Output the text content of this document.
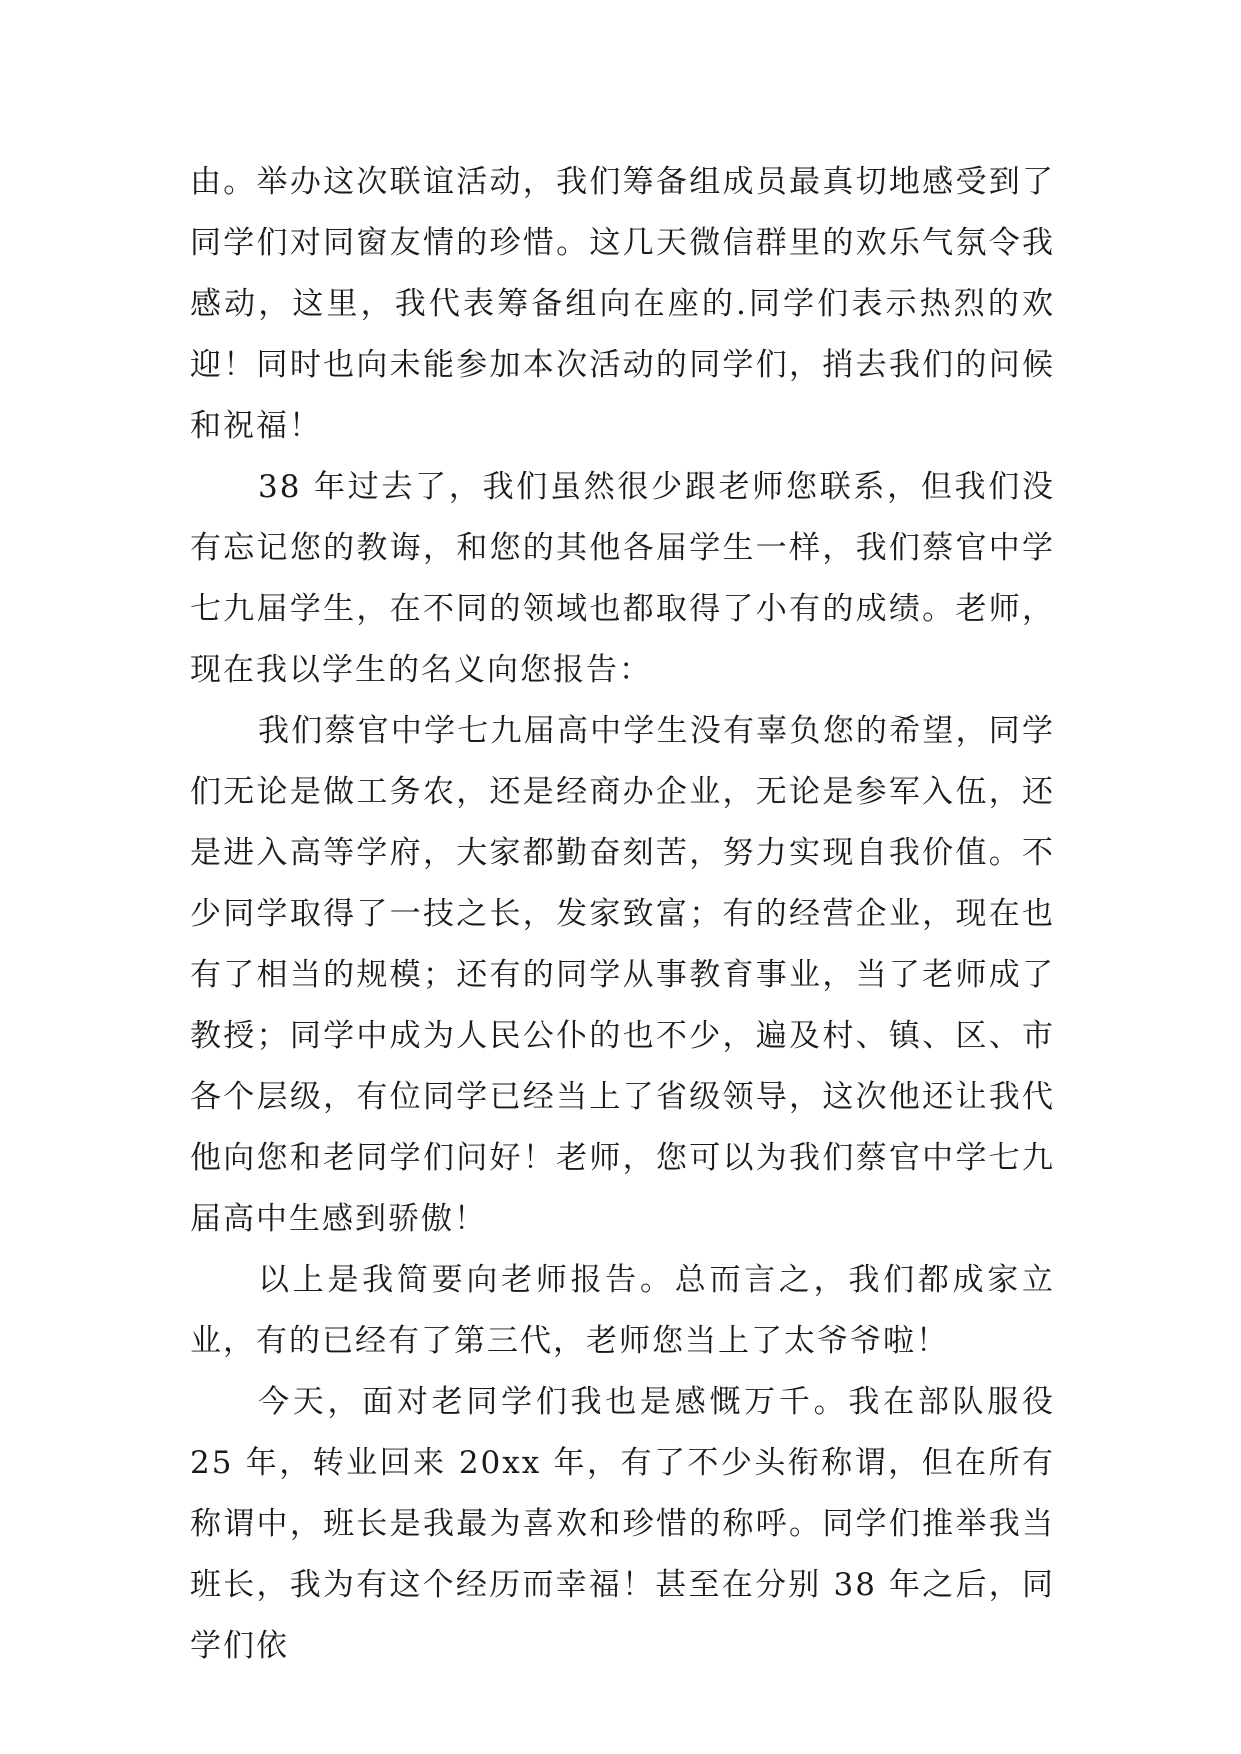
由。举办这次联谊活动，我们筹备组成员最真切地感受到了同学们对同窗友情的珍惜。这几天微信群里的欢乐气氛令我感动，这里，我代表筹备组向在座的.同学们表示热烈的欢迎！同时也向未能参加本次活动的同学们，捎去我们的问候和祝福！

38 年过去了，我们虽然很少跟老师您联系，但我们没有忘记您的教诲，和您的其他各届学生一样，我们蔡官中学七九届学生，在不同的领域也都取得了小有的成绩。老师，现在我以学生的名义向您报告：

我们蔡官中学七九届高中学生没有辜负您的希望，同学们无论是做工务农，还是经商办企业，无论是参军入伍，还是进入高等学府，大家都勤奋刻苦，努力实现自我价值。不少同学取得了一技之长，发家致富；有的经营企业，现在也有了相当的规模；还有的同学从事教育事业，当了老师成了教授；同学中成为人民公仆的也不少，遍及村、镇、区、市各个层级，有位同学已经当上了省级领导，这次他还让我代他向您和老同学们问好！老师，您可以为我们蔡官中学七九届高中生感到骄傲！

以上是我简要向老师报告。总而言之，我们都成家立业，有的已经有了第三代，老师您当上了太爷爷啦！

今天，面对老同学们我也是感慨万千。我在部队服役 25 年，转业回来 20xx 年，有了不少头衔称谓，但在所有称谓中，班长是我最为喜欢和珍惜的称呼。同学们推举我当班长，我为有这个经历而幸福！甚至在分别 38 年之后，同学们依
